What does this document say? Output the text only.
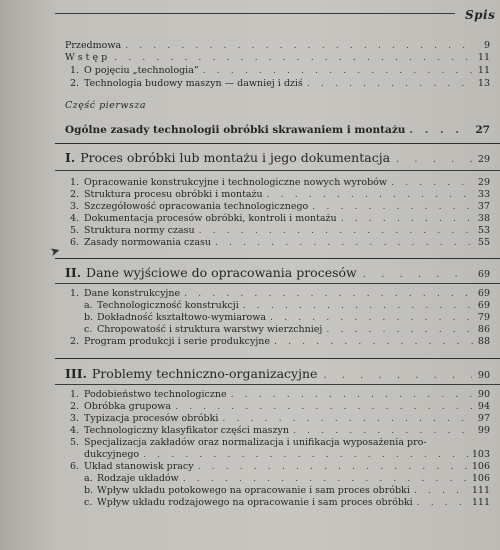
Spis
Przedmowa . . .	9
Wstęp . . .	11
1. O pojęciu „technologia” . . .	11
2. Technologia budowy maszyn — dawniej i dziś . . .	13
Część pierwsza
Ogólne zasady technologii obróbki skrawaniem i montażu . . .	27
I. Proces obróbki lub montażu i jego dokumentacja . . .	29
1. Opracowanie konstrukcyjne i technologiczne nowych wyrobów . . .	29
2. Struktura procesu obróbki i montażu . . .	33
3. Szczegółowość opracowania technologicznego . . .	37
4. Dokumentacja procesów obróbki, kontroli i montażu . . .	38
5. Struktura normy czasu . . .	53
6. Zasady normowania czasu . . .	55
➤
II. Dane wyjściowe do opracowania procesów . . .	69
1. Dane konstrukcyjne . . .	69
a. Technologiczność konstrukcji . . .	69
b. Dokładność kształtowo-wymiarowa . . .	79
c. Chropowatość i struktura warstwy wierzchniej . . .	86
2. Program produkcji i serie produkcyjne . . .	88
III. Problemy techniczno-organizacyjne . . .	90
1. Podobieństwo technologiczne . . .	90
2. Obróbka grupowa . . .	94
3. Typizacja procesów obróbki . . .	97
4. Technologiczny klasyfikator części maszyn . . .	99
5. Specjalizacja zakładów oraz normalizacja i unifikacja wyposażenia pro-
dukcyjnego . . .	103
6. Układ stanowisk pracy . . .	106
a. Rodzaje układów . . .	106
b. Wpływ układu potokowego na opracowanie i sam proces obróbki . . .	111
c. Wpływ układu rodzajowego na opracowanie i sam proces obróbki . . .	111
